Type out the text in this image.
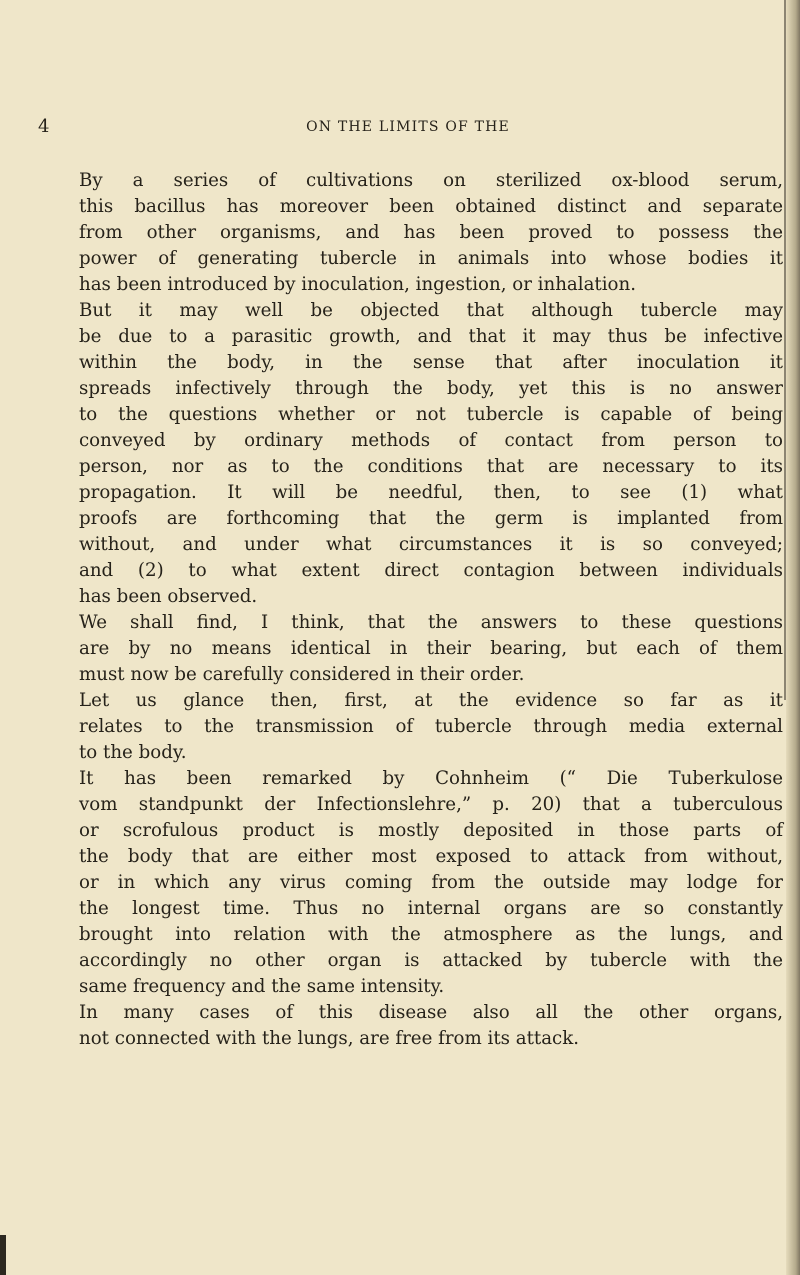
4	ON THE LIMITS OF THE

By a series of cultivations on sterilized ox-blood serum,
this bacillus has moreover been obtained distinct and separate
from other organisms, and has been proved to possess the
power of generating tubercle in animals into whose bodies it
has been introduced by inoculation, ingestion, or inhalation.

But it may well be objected that although tubercle may
be due to a parasitic growth, and that it may thus be infective
within the body, in the sense that after inoculation it
spreads infectively through the body, yet this is no answer
to the questions whether or not tubercle is capable of being
conveyed by ordinary methods of contact from person to
person, nor as to the conditions that are necessary to its
propagation. It will be needful, then, to see (1) what
proofs are forthcoming that the germ is implanted from
without, and under what circumstances it is so conveyed;
and (2) to what extent direct contagion between individuals
has been observed.

We shall find, I think, that the answers to these questions
are by no means identical in their bearing, but each of them
must now be carefully considered in their order.

Let us glance then, first, at the evidence so far as it
relates to the transmission of tubercle through media external
to the body.

It has been remarked by Cohnheim (“ Die Tuberkulose
vom standpunkt der Infectionslehre,” p. 20) that a tuberculous
or scrofulous product is mostly deposited in those parts of
the body that are either most exposed to attack from without,
or in which any virus coming from the outside may lodge for
the longest time. Thus no internal organs are so constantly
brought into relation with the atmosphere as the lungs, and
accordingly no other organ is attacked by tubercle with the
same frequency and the same intensity.

In many cases of this disease also all the other organs,
not connected with the lungs, are free from its attack.
